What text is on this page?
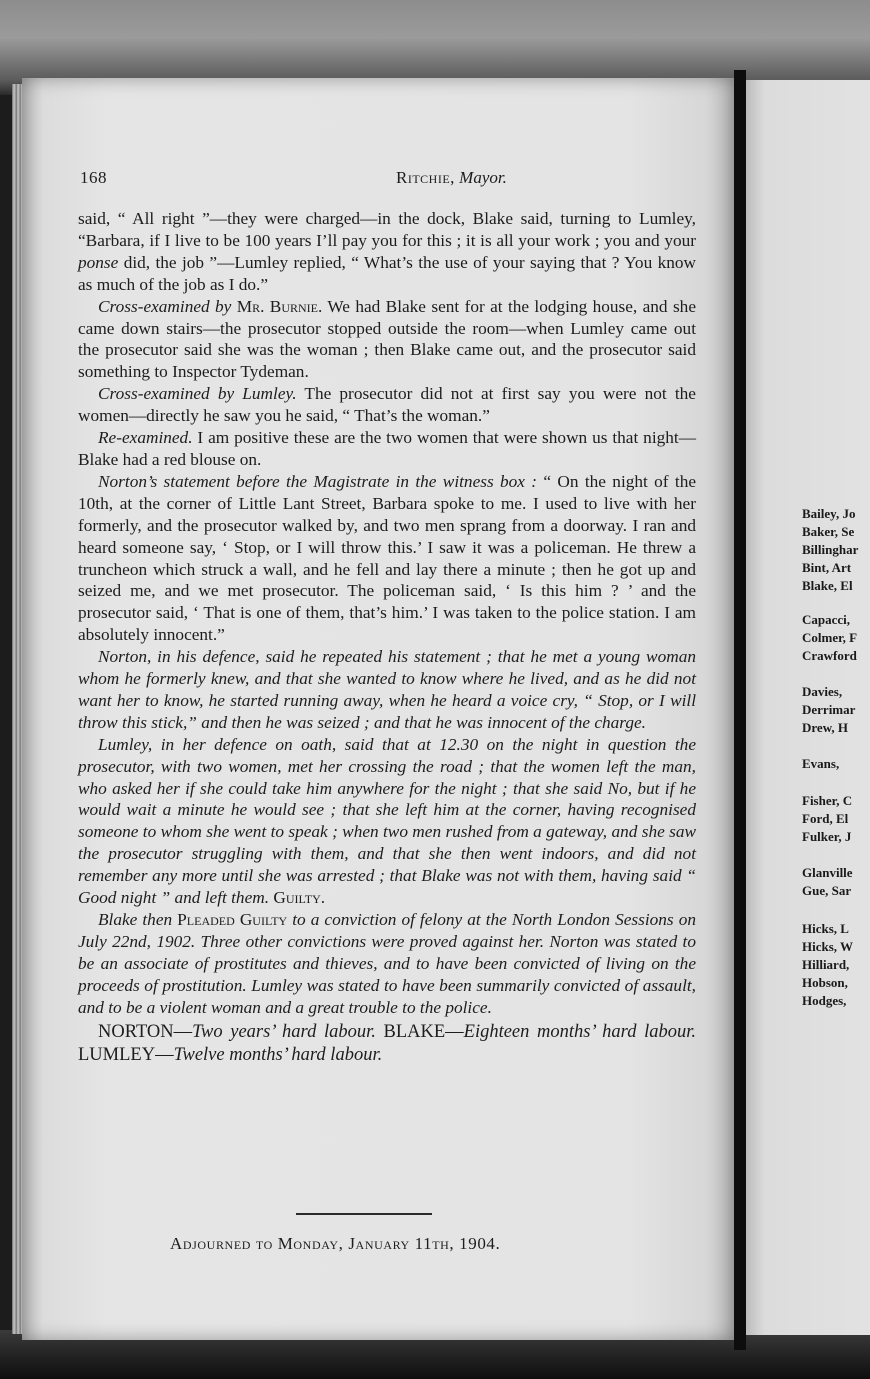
Bailey, Jo
Baker, Se
Billinghar
Bint, Art
Blake, El
Capacci,
Colmer, F
Crawford
Davies,
Derrimar
Drew, H
Evans,
Fisher, C
Ford, El
Fulker, J
Glanville
Gue, Sar
Hicks, L
Hicks, W
Hilliard,
Hobson,
Hodges,
168	Ritchie, Mayor.

said, “ All right ”—they were charged—in the dock, Blake said, turning to Lumley, “Barbara, if I live to be 100 years I’ll pay you for this ; it is all your work ; you and your ponse did, the job ”—Lumley replied, “ What’s the use of your saying that ? You know as much of the job as I do.”

Cross-examined by Mr. Burnie. We had Blake sent for at the lodging house, and she came down stairs—the prosecutor stopped outside the room—when Lumley came out the prosecutor said she was the woman ; then Blake came out, and the prosecutor said something to Inspector Tydeman.

Cross-examined by Lumley. The prosecutor did not at first say you were not the women—directly he saw you he said, “ That’s the woman.”

Re-examined. I am positive these are the two women that were shown us that night—Blake had a red blouse on.

Norton’s statement before the Magistrate in the witness box : “ On the night of the 10th, at the corner of Little Lant Street, Barbara spoke to me. I used to live with her formerly, and the prosecutor walked by, and two men sprang from a doorway. I ran and heard someone say, ‘ Stop, or I will throw this.’ I saw it was a policeman. He threw a truncheon which struck a wall, and he fell and lay there a minute ; then he got up and seized me, and we met prosecutor. The policeman said, ‘ Is this him ? ’ and the prosecutor said, ‘ That is one of them, that’s him.’ I was taken to the police station. I am absolutely innocent.”

Norton, in his defence, said he repeated his statement ; that he met a young woman whom he formerly knew, and that she wanted to know where he lived, and as he did not want her to know, he started running away, when he heard a voice cry, “ Stop, or I will throw this stick,” and then he was seized ; and that he was innocent of the charge.

Lumley, in her defence on oath, said that at 12.30 on the night in question the prosecutor, with two women, met her crossing the road ; that the women left the man, who asked her if she could take him anywhere for the night ; that she said No, but if he would wait a minute he would see ; that she left him at the corner, having recognised someone to whom she went to speak ; when two men rushed from a gateway, and she saw the prosecutor struggling with them, and that she then went indoors, and did not remember any more until she was arrested ; that Blake was not with them, having said “ Good night ” and left them. Guilty.

Blake then Pleaded Guilty to a conviction of felony at the North London Sessions on July 22nd, 1902. Three other convictions were proved against her. Norton was stated to be an associate of prostitutes and thieves, and to have been convicted of living on the proceeds of prostitution. Lumley was stated to have been summarily convicted of assault, and to be a violent woman and a great trouble to the police.

NORTON—Two years’ hard labour. BLAKE—Eighteen months’ hard labour. LUMLEY—Twelve months’ hard labour.

Adjourned to Monday, January 11th, 1904.
